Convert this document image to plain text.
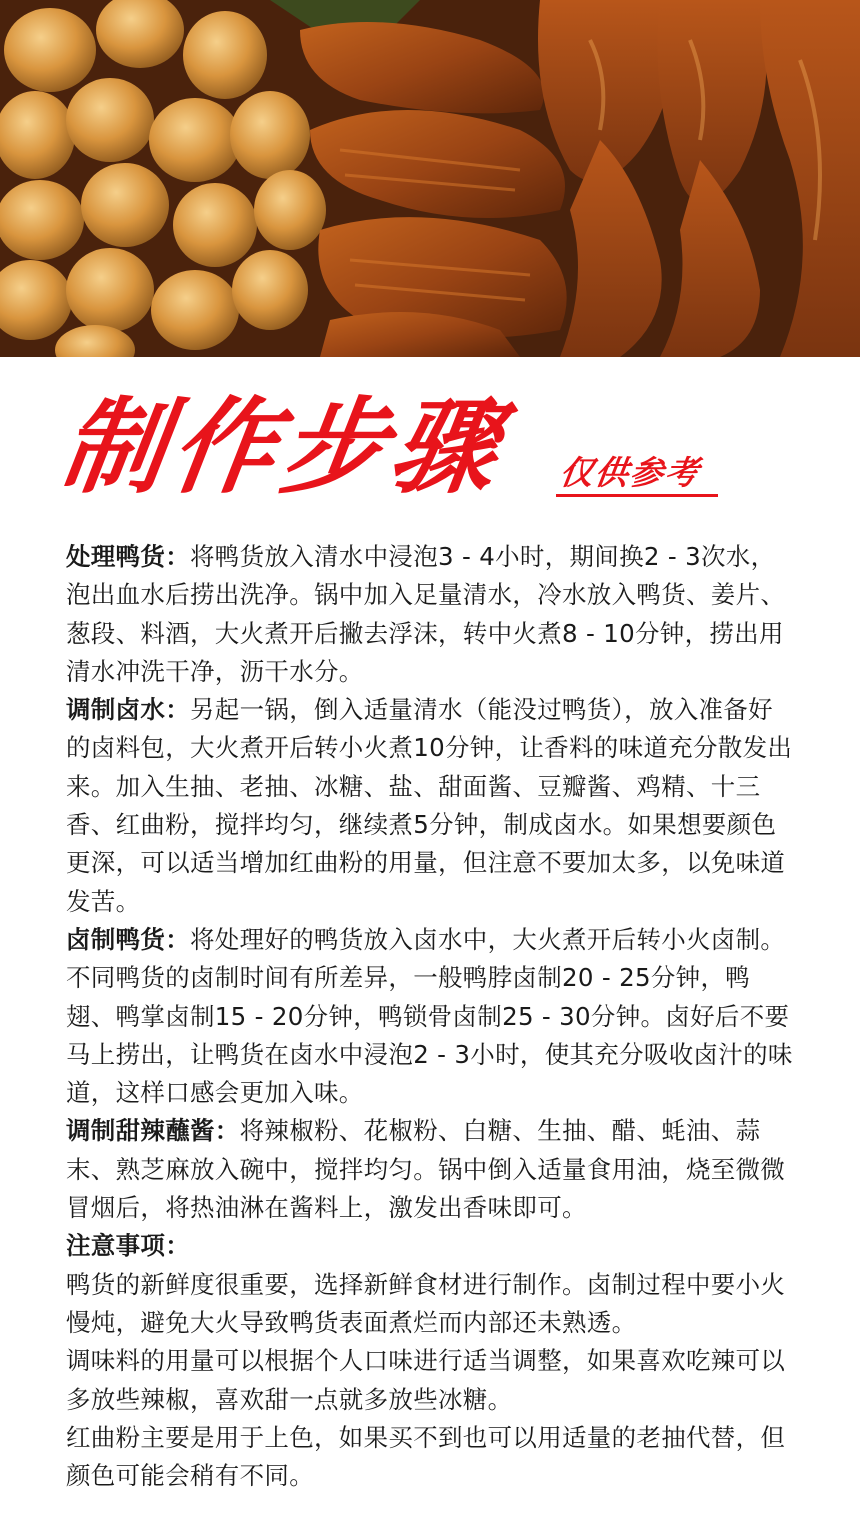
制作步骤 仅供参考

处理鸭货：将鸭货放入清水中浸泡3 - 4小时，期间换2 - 3次水，泡出血水后捞出洗净。锅中加入足量清水，冷水放入鸭货、姜片、葱段、料酒，大火煮开后撇去浮沫，转中火煮8 - 10分钟，捞出用清水冲洗干净，沥干水分。

调制卤水：另起一锅，倒入适量清水（能没过鸭货），放入准备好的卤料包，大火煮开后转小火煮10分钟，让香料的味道充分散发出来。加入生抽、老抽、冰糖、盐、甜面酱、豆瓣酱、鸡精、十三香、红曲粉，搅拌均匀，继续煮5分钟，制成卤水。如果想要颜色更深，可以适当增加红曲粉的用量，但注意不要加太多，以免味道发苦。

卤制鸭货：将处理好的鸭货放入卤水中，大火煮开后转小火卤制。不同鸭货的卤制时间有所差异，一般鸭脖卤制20 - 25分钟，鸭翅、鸭掌卤制15 - 20分钟，鸭锁骨卤制25 - 30分钟。卤好后不要马上捞出，让鸭货在卤水中浸泡2 - 3小时，使其充分吸收卤汁的味道，这样口感会更加入味。

调制甜辣蘸酱：将辣椒粉、花椒粉、白糖、生抽、醋、蚝油、蒜末、熟芝麻放入碗中，搅拌均匀。锅中倒入适量食用油，烧至微微冒烟后，将热油淋在酱料上，激发出香味即可。

注意事项：

鸭货的新鲜度很重要，选择新鲜食材进行制作。卤制过程中要小火慢炖，避免大火导致鸭货表面煮烂而内部还未熟透。

调味料的用量可以根据个人口味进行适当调整，如果喜欢吃辣可以多放些辣椒，喜欢甜一点就多放些冰糖。

红曲粉主要是用于上色，如果买不到也可以用适量的老抽代替，但颜色可能会稍有不同。
